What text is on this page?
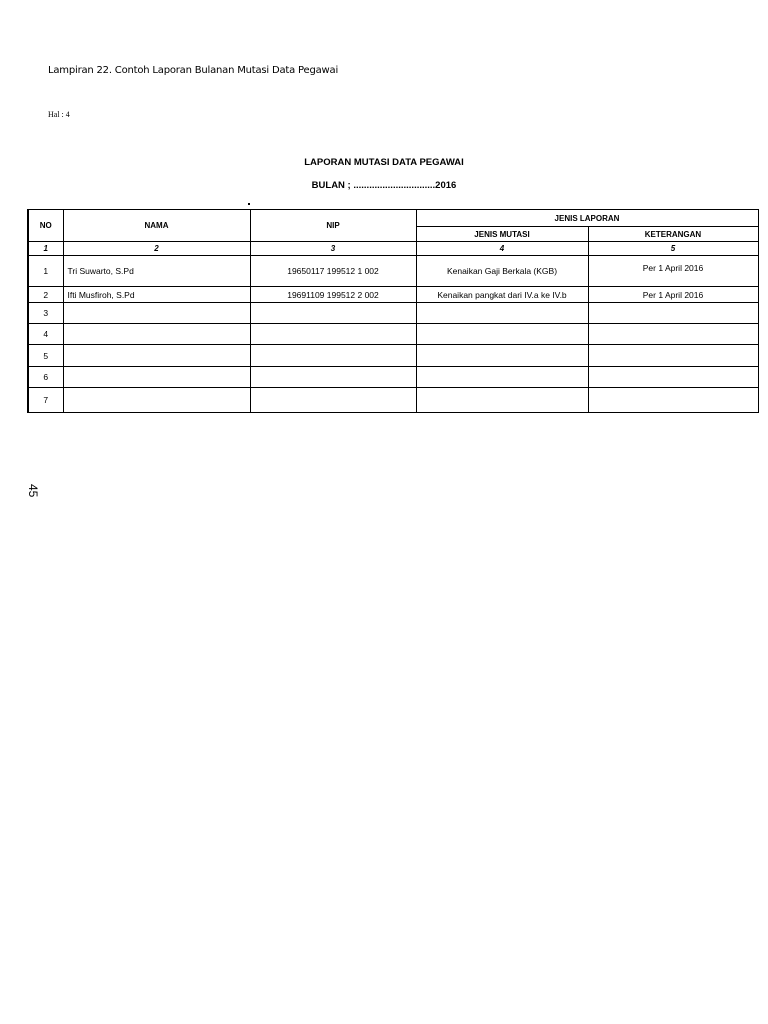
Lampiran 22. Contoh Laporan Bulanan Mutasi Data Pegawai
Hal : 4
LAPORAN MUTASI DATA PEGAWAI
BULAN ; ...............................2016
NO	NAMA	NIP	JENIS LAPORAN	
			JENIS MUTASI	KETERANGAN
1	2	3	4	5
1	Tri Suwarto, S.Pd	19650117 199512 1 002	Kenaikan Gaji Berkala (KGB)	Per 1 April 2016
2	Ifti Musfiroh, S.Pd	19691109 199512 2 002	Kenaikan pangkat dari IV.a ke IV.b	Per 1 April 2016
3				
4				
5				
6				
7				
45
